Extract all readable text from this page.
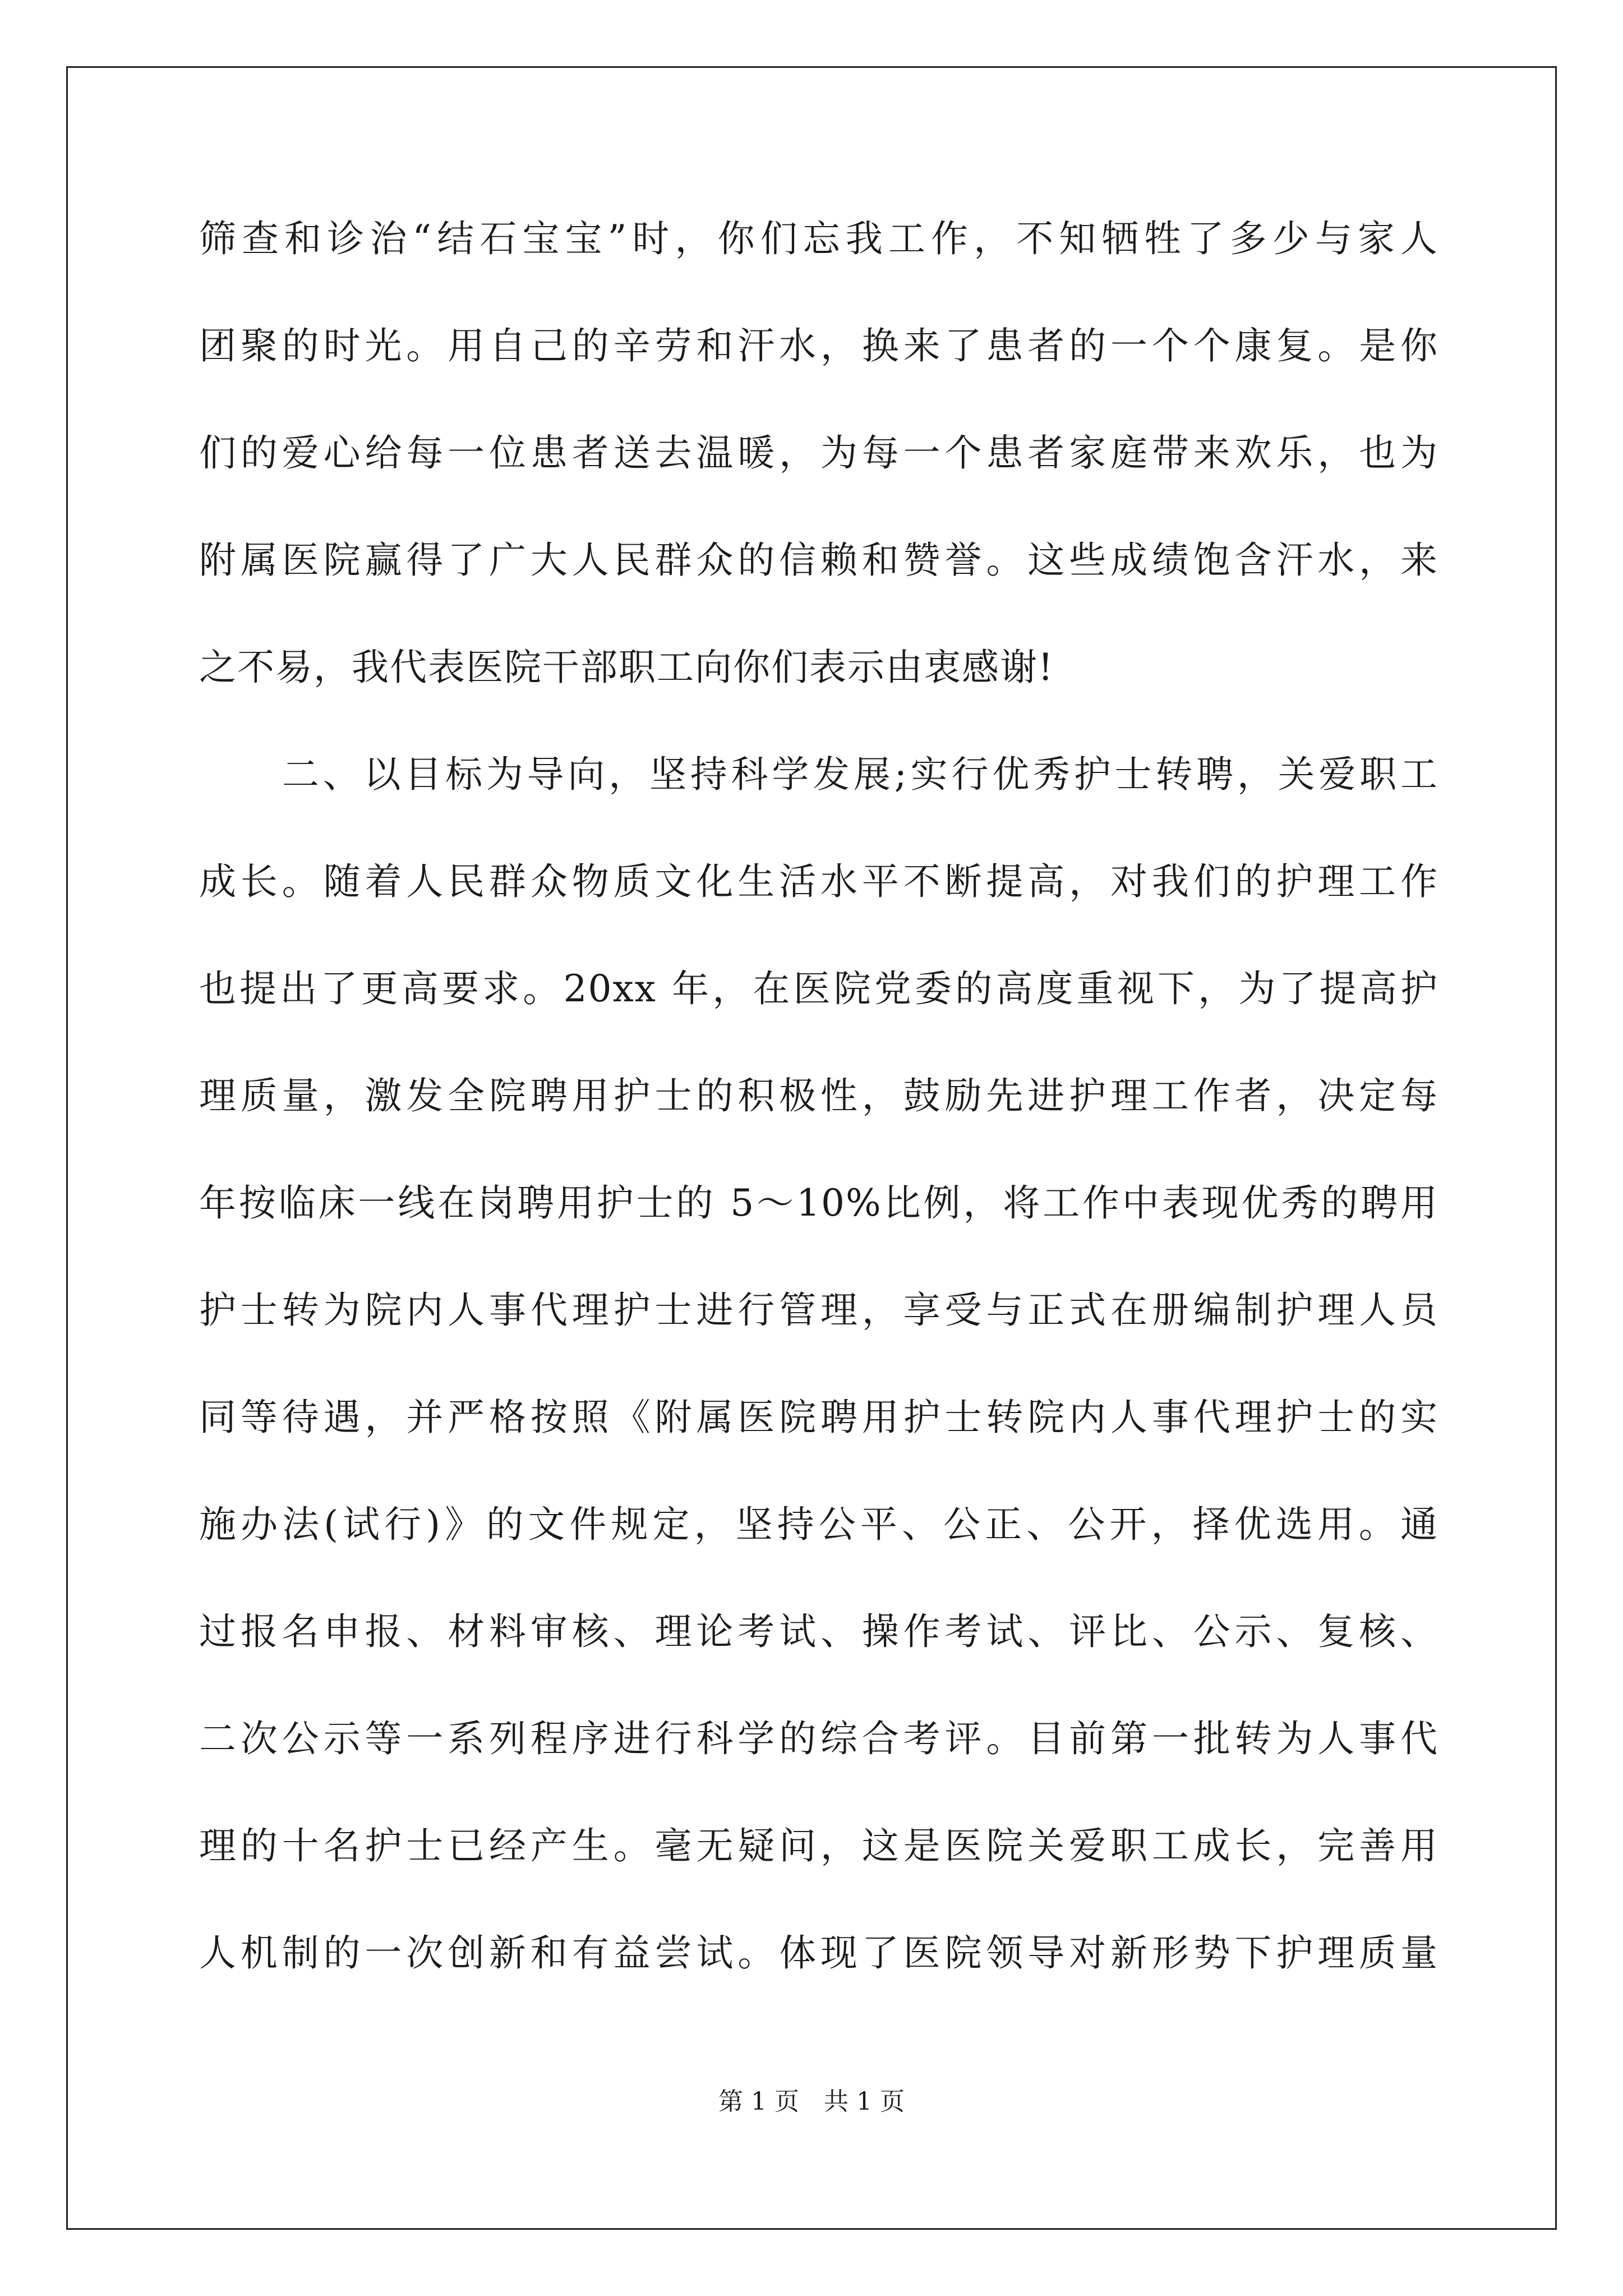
筛查和诊治“结石宝宝”时，你们忘我工作，不知牺牲了多少与家人
团聚的时光。用自己的辛劳和汗水，换来了患者的一个个康复。是你
们的爱心给每一位患者送去温暖，为每一个患者家庭带来欢乐，也为
附属医院赢得了广大人民群众的信赖和赞誉。这些成绩饱含汗水，来
之不易，我代表医院干部职工向你们表示由衷感谢!
二、以目标为导向，坚持科学发展;实行优秀护士转聘，关爱职工
成长。随着人民群众物质文化生活水平不断提高，对我们的护理工作
也提出了更高要求。20xx 年，在医院党委的高度重视下，为了提高护
理质量，激发全院聘用护士的积极性，鼓励先进护理工作者，决定每
年按临床一线在岗聘用护士的 5～10%比例，将工作中表现优秀的聘用
护士转为院内人事代理护士进行管理，享受与正式在册编制护理人员
同等待遇，并严格按照《附属医院聘用护士转院内人事代理护士的实
施办法(试行)》的文件规定，坚持公平、公正、公开，择优选用。通
过报名申报、材料审核、理论考试、操作考试、评比、公示、复核、
二次公示等一系列程序进行科学的综合考评。目前第一批转为人事代
理的十名护士已经产生。毫无疑问，这是医院关爱职工成长，完善用
人机制的一次创新和有益尝试。体现了医院领导对新形势下护理质量
第 1 页　共 1 页
